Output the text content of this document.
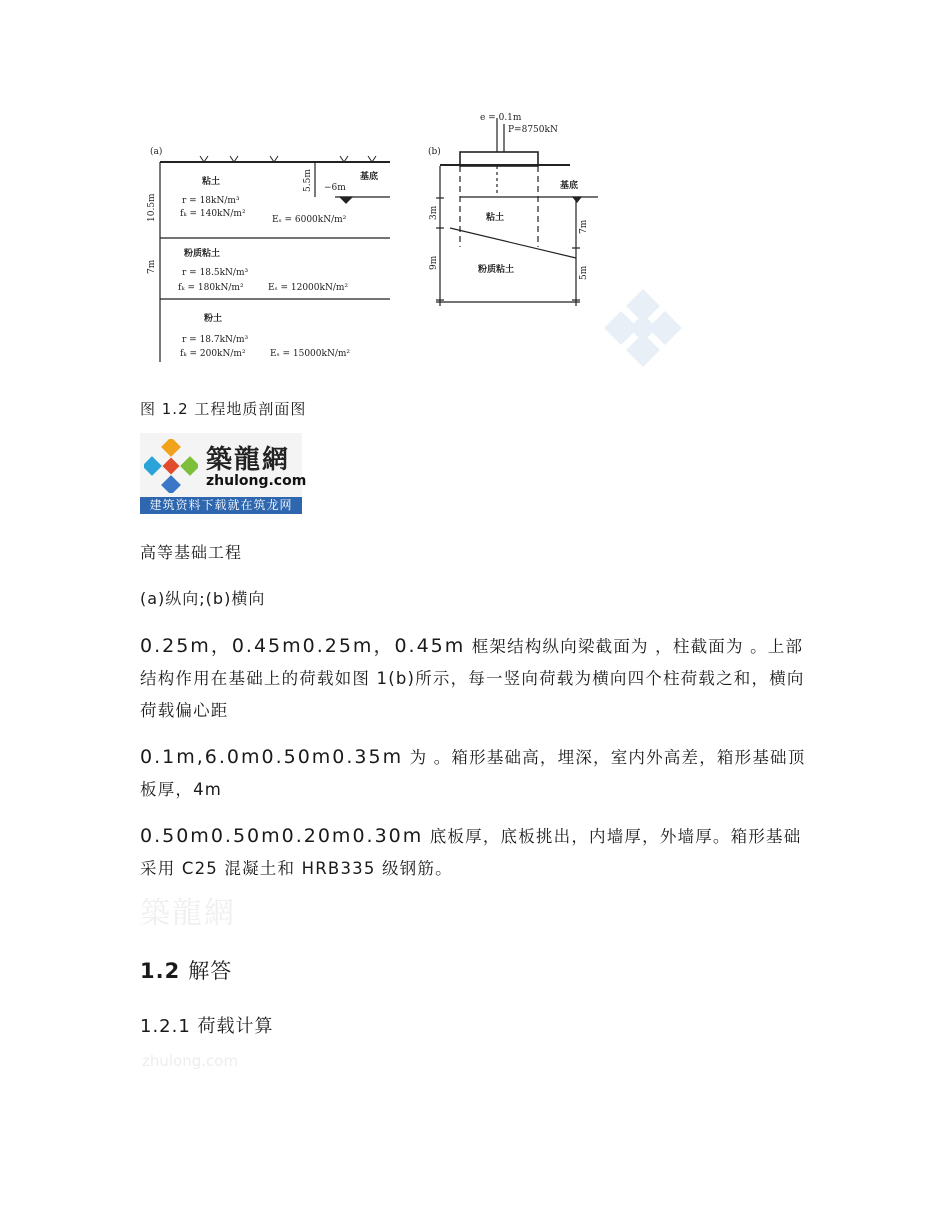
(a)
10.5m
5.5m −6m
基底
7m
粘土
r = 18kN/m³
fₖ = 140kN/m²
Eₛ = 6000kN/m²
粉质粘土
r = 18.5kN/m³
fₖ = 180kN/m²	Eₛ = 12000kN/m²
粉土
r = 18.7kN/m³
fₖ = 200kN/m²	Eₛ = 15000kN/m²
(b)
e = 0.1m
P=8750kN
基底
粘土
粉质粘土
3m
9m
7m
5m
图 1.2 工程地质剖面图
築龍網
zhulong.com
建筑资料下载就在筑龙网
高等基础工程
(a)纵向;(b)横向
0.25m，0.45m0.25m，0.45m 框架结构纵向梁截面为 ，柱截面为 。上部结构作用在基础上的荷载如图 1(b)所示，每一竖向荷载为横向四个柱荷载之和，横向荷载偏心距
0.1m,6.0m0.50m0.35m 为 。箱形基础高，埋深，室内外高差，箱形基础顶板厚，4m
0.50m0.50m0.20m0.30m 底板厚，底板挑出，内墙厚，外墙厚。箱形基础采用 C25 混凝土和 HRB335 级钢筋。
築龍網
1.2 解答
1.2.1 荷载计算
zhulong.com
